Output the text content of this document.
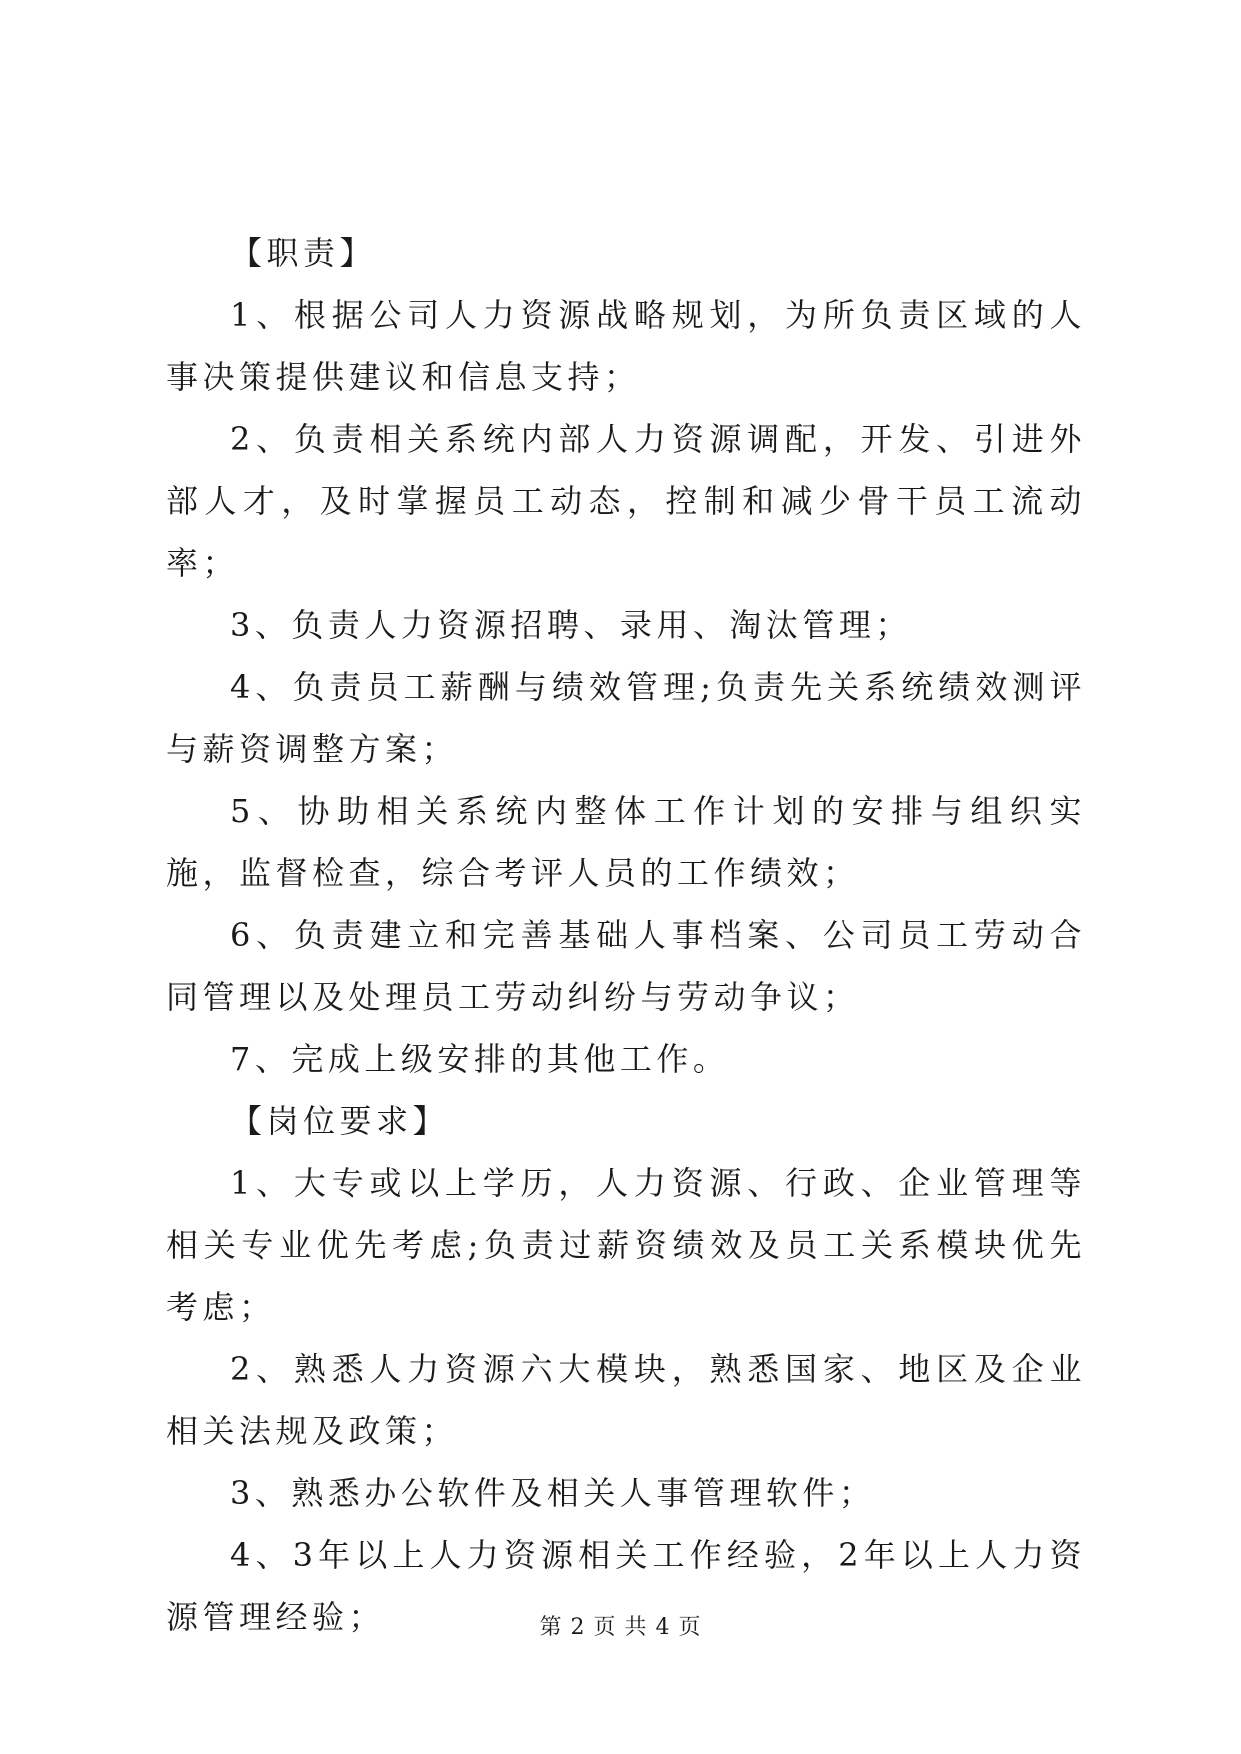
【职责】

1、根据公司人力资源战略规划，为所负责区域的人事决策提供建议和信息支持；

2、负责相关系统内部人力资源调配，开发、引进外部人才，及时掌握员工动态，控制和减少骨干员工流动率；

3、负责人力资源招聘、录用、淘汰管理；

4、负责员工薪酬与绩效管理;负责先关系统绩效测评与薪资调整方案；

5、协助相关系统内整体工作计划的安排与组织实施，监督检查，综合考评人员的工作绩效；

6、负责建立和完善基础人事档案、公司员工劳动合同管理以及处理员工劳动纠纷与劳动争议；

7、完成上级安排的其他工作。

【岗位要求】

1、大专或以上学历，人力资源、行政、企业管理等相关专业优先考虑;负责过薪资绩效及员工关系模块优先考虑；

2、熟悉人力资源六大模块，熟悉国家、地区及企业相关法规及政策；

3、熟悉办公软件及相关人事管理软件；

4、3年以上人力资源相关工作经验，2年以上人力资源管理经验；	第 2 页 共 4 页
